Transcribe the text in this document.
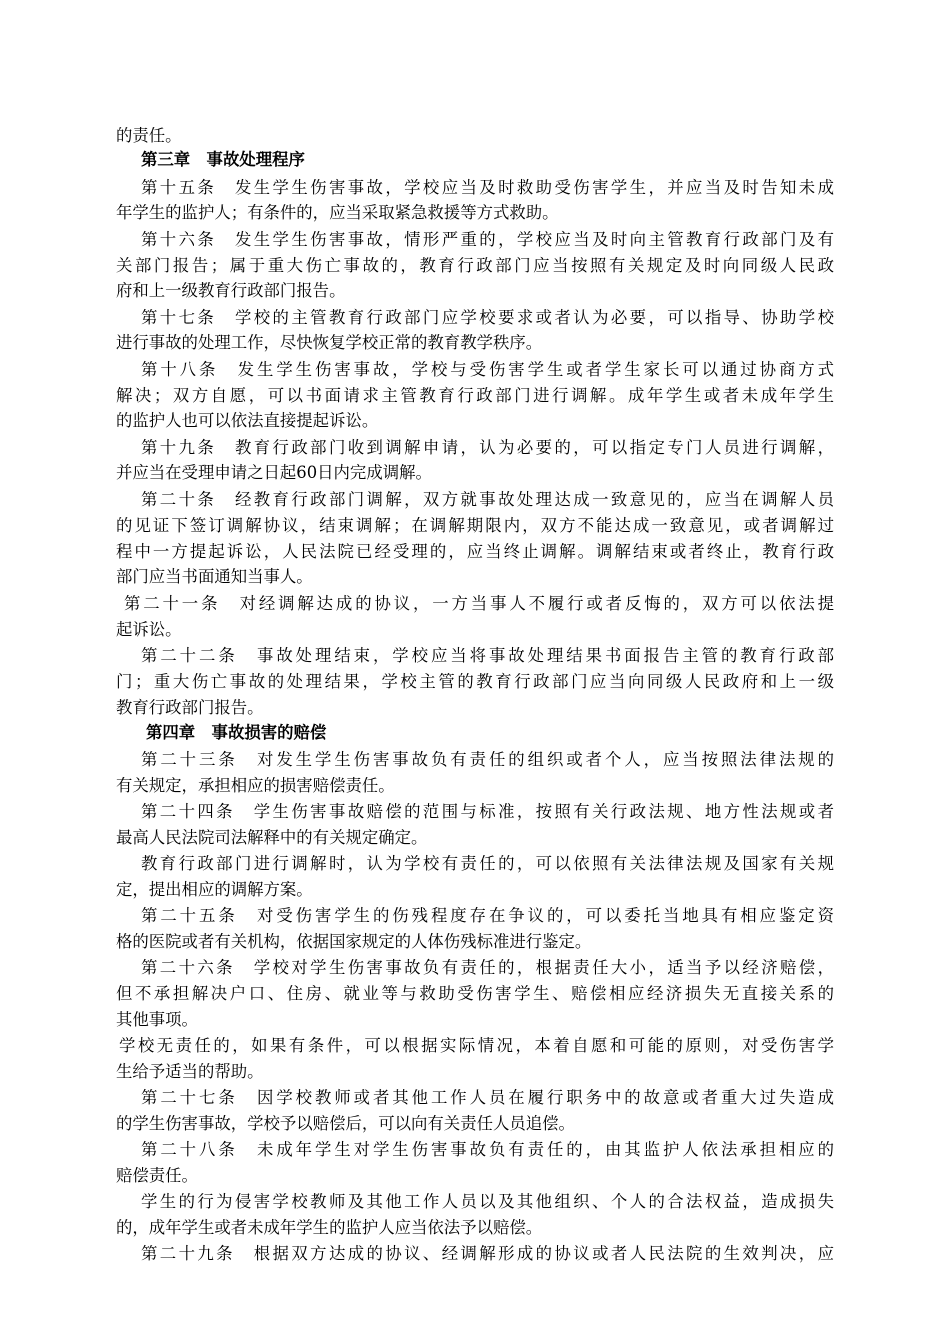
的责任。
第三章　事故处理程序
第十五条　发生学生伤害事故，学校应当及时救助受伤害学生，并应当及时告知未成
年学生的监护人；有条件的，应当采取紧急救援等方式救助。
第十六条　发生学生伤害事故，情形严重的，学校应当及时向主管教育行政部门及有
关部门报告；属于重大伤亡事故的，教育行政部门应当按照有关规定及时向同级人民政
府和上一级教育行政部门报告。
第十七条　学校的主管教育行政部门应学校要求或者认为必要，可以指导、协助学校
进行事故的处理工作，尽快恢复学校正常的教育教学秩序。
第十八条　发生学生伤害事故，学校与受伤害学生或者学生家长可以通过协商方式
解决；双方自愿，可以书面请求主管教育行政部门进行调解。成年学生或者未成年学生
的监护人也可以依法直接提起诉讼。
第十九条　教育行政部门收到调解申请，认为必要的，可以指定专门人员进行调解，
并应当在受理申请之日起60日内完成调解。
第二十条　经教育行政部门调解，双方就事故处理达成一致意见的，应当在调解人员
的见证下签订调解协议，结束调解；在调解期限内，双方不能达成一致意见，或者调解过
程中一方提起诉讼，人民法院已经受理的，应当终止调解。调解结束或者终止，教育行政
部门应当书面通知当事人。
第二十一条　对经调解达成的协议，一方当事人不履行或者反悔的，双方可以依法提
起诉讼。
第二十二条　事故处理结束，学校应当将事故处理结果书面报告主管的教育行政部
门；重大伤亡事故的处理结果，学校主管的教育行政部门应当向同级人民政府和上一级
教育行政部门报告。
第四章　事故损害的赔偿
第二十三条　对发生学生伤害事故负有责任的组织或者个人，应当按照法律法规的
有关规定，承担相应的损害赔偿责任。
第二十四条　学生伤害事故赔偿的范围与标准，按照有关行政法规、地方性法规或者
最高人民法院司法解释中的有关规定确定。
教育行政部门进行调解时，认为学校有责任的，可以依照有关法律法规及国家有关规
定，提出相应的调解方案。
第二十五条　对受伤害学生的伤残程度存在争议的，可以委托当地具有相应鉴定资
格的医院或者有关机构，依据国家规定的人体伤残标准进行鉴定。
第二十六条　学校对学生伤害事故负有责任的，根据责任大小，适当予以经济赔偿，
但不承担解决户口、住房、就业等与救助受伤害学生、赔偿相应经济损失无直接关系的
其他事项。
学校无责任的，如果有条件，可以根据实际情况，本着自愿和可能的原则，对受伤害学
生给予适当的帮助。
第二十七条　因学校教师或者其他工作人员在履行职务中的故意或者重大过失造成
的学生伤害事故，学校予以赔偿后，可以向有关责任人员追偿。
第二十八条　未成年学生对学生伤害事故负有责任的，由其监护人依法承担相应的
赔偿责任。
学生的行为侵害学校教师及其他工作人员以及其他组织、个人的合法权益，造成损失
的，成年学生或者未成年学生的监护人应当依法予以赔偿。
第二十九条　根据双方达成的协议、经调解形成的协议或者人民法院的生效判决，应
